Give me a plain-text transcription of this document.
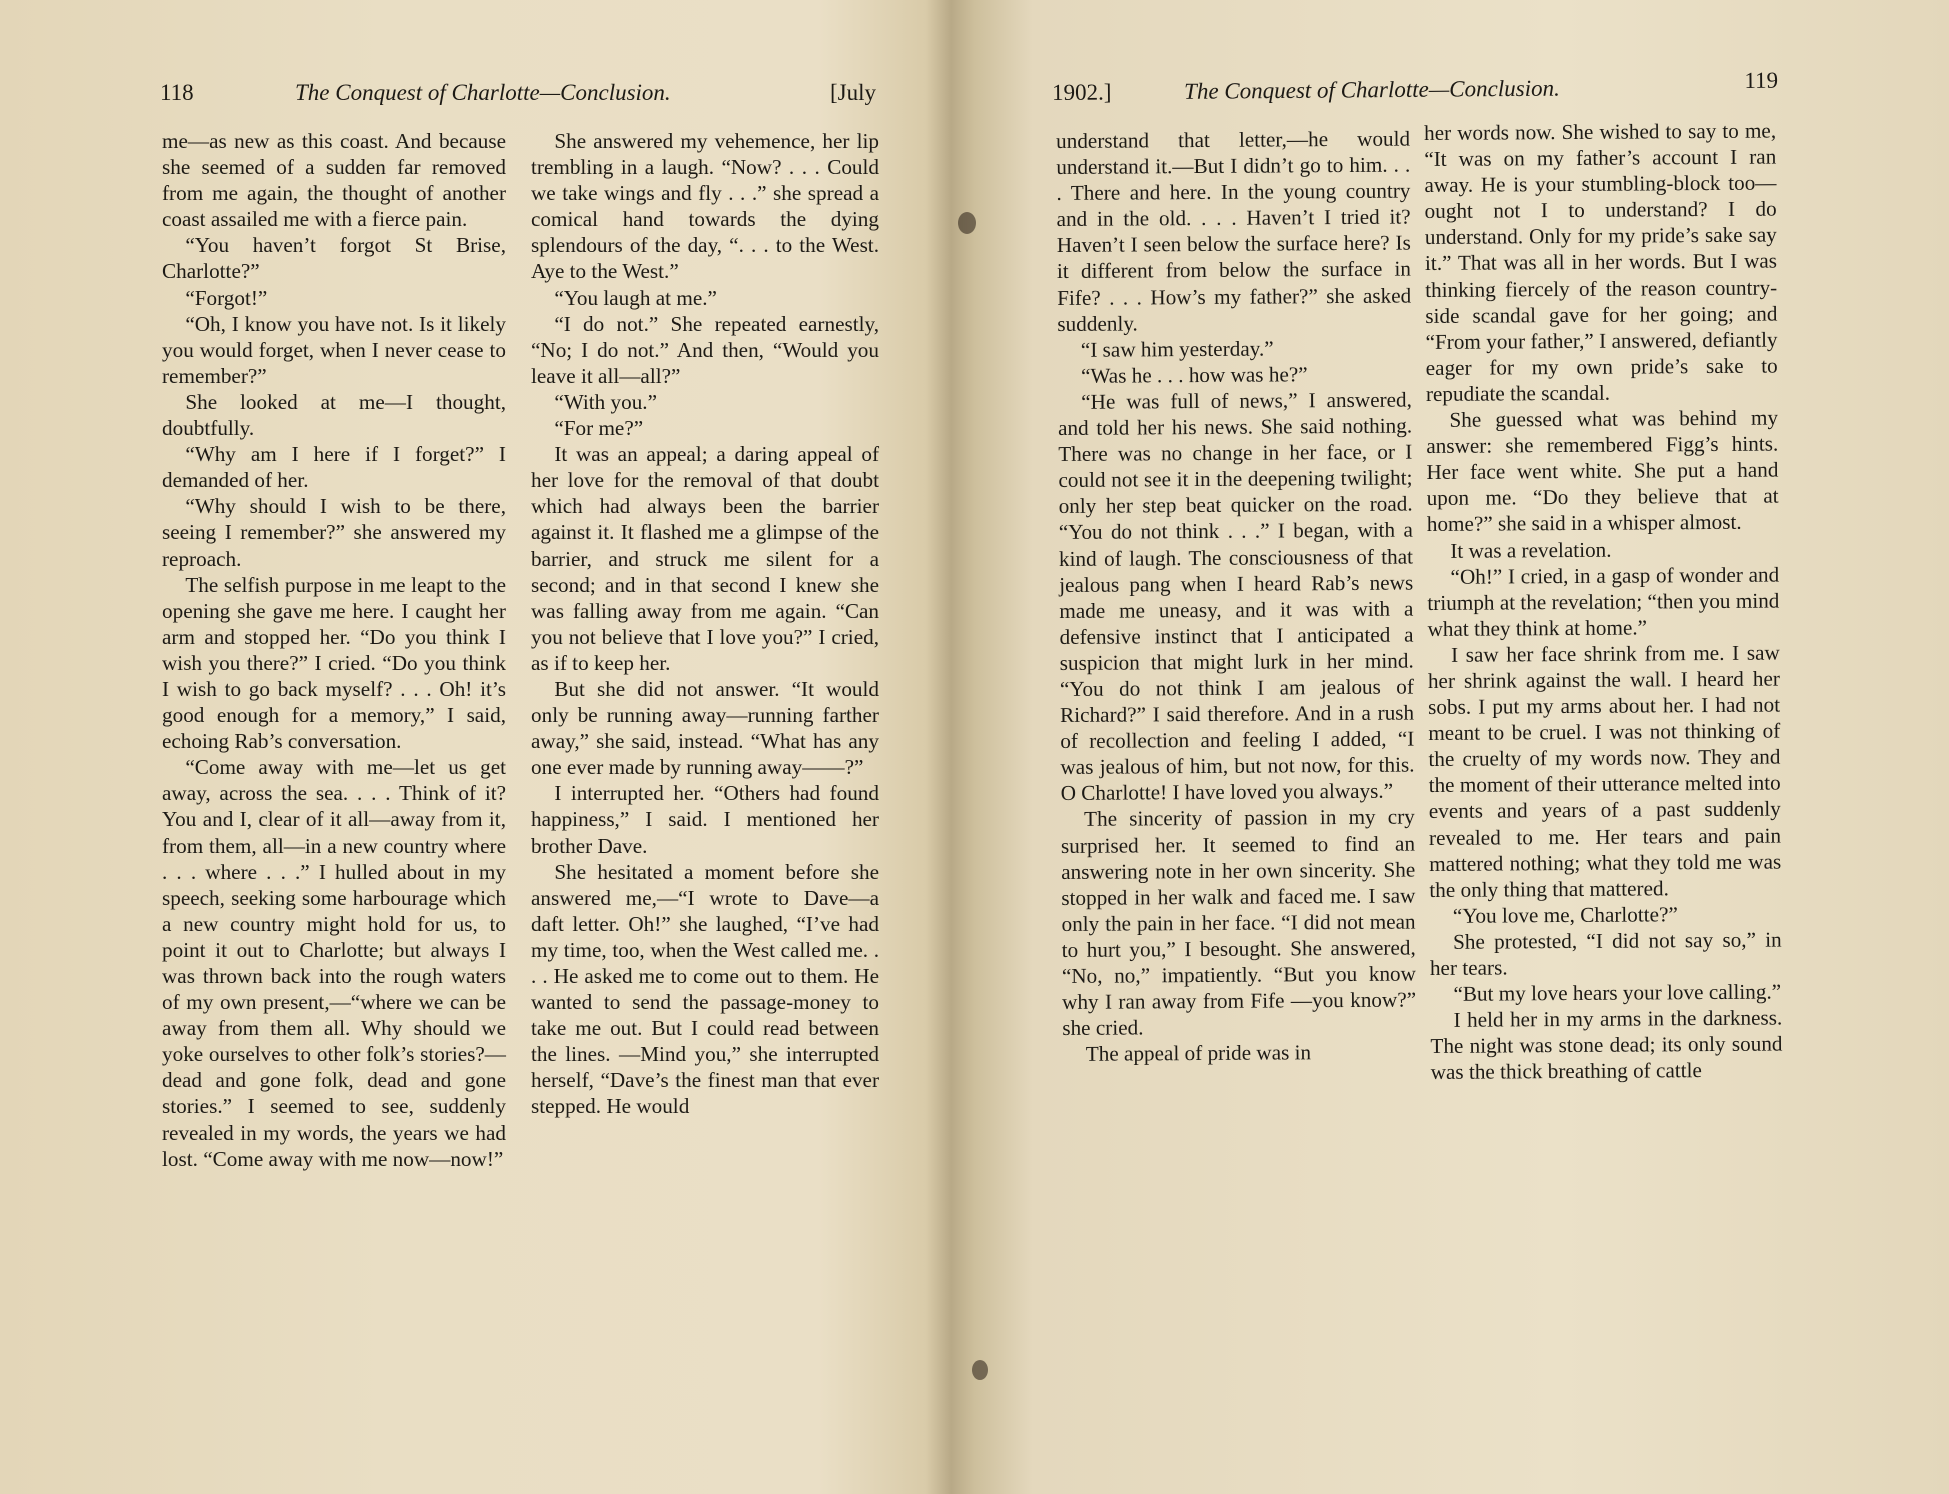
118	The Conquest of Charlotte—Conclusion.	[July

me—as new as this coast. And because she seemed of a sudden far removed from me again, the thought of another coast assailed me with a fierce pain.

“You haven’t forgot St Brise, Charlotte?”

“Forgot!”

“Oh, I know you have not. Is it likely you would forget, when I never cease to remember?”

She looked at me—I thought, doubtfully.

“Why am I here if I forget?” I demanded of her.

“Why should I wish to be there, seeing I remember?” she answered my reproach.

The selfish purpose in me leapt to the opening she gave me here. I caught her arm and stopped her. “Do you think I wish you there?” I cried. “Do you think I wish to go back myself? . . . Oh! it’s good enough for a memory,” I said, echoing Rab’s conversation.

“Come away with me—let us get away, across the sea. . . . Think of it? You and I, clear of it all—away from it, from them, all—in a new country where . . . where . . .” I hulled about in my speech, seeking some harbourage which a new country might hold for us, to point it out to Charlotte; but always I was thrown back into the rough waters of my own present,—“where we can be away from them all. Why should we yoke ourselves to other folk’s stories?—dead and gone folk, dead and gone stories.” I seemed to see, suddenly revealed in my words, the years we had lost. “Come away with me now—now!”

She answered my vehemence, her lip trembling in a laugh. “Now? . . . Could we take wings and fly . . .” she spread a comical hand towards the dying splendours of the day, “. . . to the West. Aye to the West.”

“You laugh at me.”

“I do not.” She repeated earnestly, “No; I do not.” And then, “Would you leave it all—all?”

“With you.”

“For me?”

It was an appeal; a daring appeal of her love for the removal of that doubt which had always been the barrier against it. It flashed me a glimpse of the barrier, and struck me silent for a second; and in that second I knew she was falling away from me again. “Can you not believe that I love you?” I cried, as if to keep her.

But she did not answer. “It would only be running away—running farther away,” she said, instead. “What has any one ever made by running away——?”

I interrupted her. “Others had found happiness,” I said. I mentioned her brother Dave.

She hesitated a moment before she answered me,—“I wrote to Dave—a daft letter. Oh!” she laughed, “I’ve had my time, too, when the West called me. . . . He asked me to come out to them. He wanted to send the passage-money to take me out. But I could read between the lines. —Mind you,” she interrupted herself, “Dave’s the finest man that ever stepped. He would

1902.]	The Conquest of Charlotte—Conclusion.	119

understand that letter,—he would understand it.—But I didn’t go to him. . . . There and here. In the young country and in the old. . . . Haven’t I tried it? Haven’t I seen below the surface here? Is it different from below the surface in Fife? . . . How’s my father?” she asked suddenly.

“I saw him yesterday.”

“Was he . . . how was he?”

“He was full of news,” I answered, and told her his news. She said nothing. There was no change in her face, or I could not see it in the deepening twilight; only her step beat quicker on the road. “You do not think . . .” I began, with a kind of laugh. The consciousness of that jealous pang when I heard Rab’s news made me uneasy, and it was with a defensive instinct that I anticipated a suspicion that might lurk in her mind. “You do not think I am jealous of Richard?” I said therefore. And in a rush of recollection and feeling I added, “I was jealous of him, but not now, for this. O Charlotte! I have loved you always.”

The sincerity of passion in my cry surprised her. It seemed to find an answering note in her own sincerity. She stopped in her walk and faced me. I saw only the pain in her face. “I did not mean to hurt you,” I besought. She answered, “No, no,” impatiently. “But you know why I ran away from Fife —you know?” she cried.

The appeal of pride was in

her words now. She wished to say to me, “It was on my father’s account I ran away. He is your stumbling-block too—ought not I to understand? I do understand. Only for my pride’s sake say it.” That was all in her words. But I was thinking fiercely of the reason country-side scandal gave for her going; and “From your father,” I answered, defiantly eager for my own pride’s sake to repudiate the scandal.

She guessed what was behind my answer: she remembered Figg’s hints. Her face went white. She put a hand upon me. “Do they believe that at home?” she said in a whisper almost.

It was a revelation.

“Oh!” I cried, in a gasp of wonder and triumph at the revelation; “then you mind what they think at home.”

I saw her face shrink from me. I saw her shrink against the wall. I heard her sobs. I put my arms about her. I had not meant to be cruel. I was not thinking of the cruelty of my words now. They and the moment of their utterance melted into events and years of a past suddenly revealed to me. Her tears and pain mattered nothing; what they told me was the only thing that mattered.

“You love me, Charlotte?”

She protested, “I did not say so,” in her tears.

“But my love hears your love calling.”

I held her in my arms in the darkness. The night was stone dead; its only sound was the thick breathing of cattle
